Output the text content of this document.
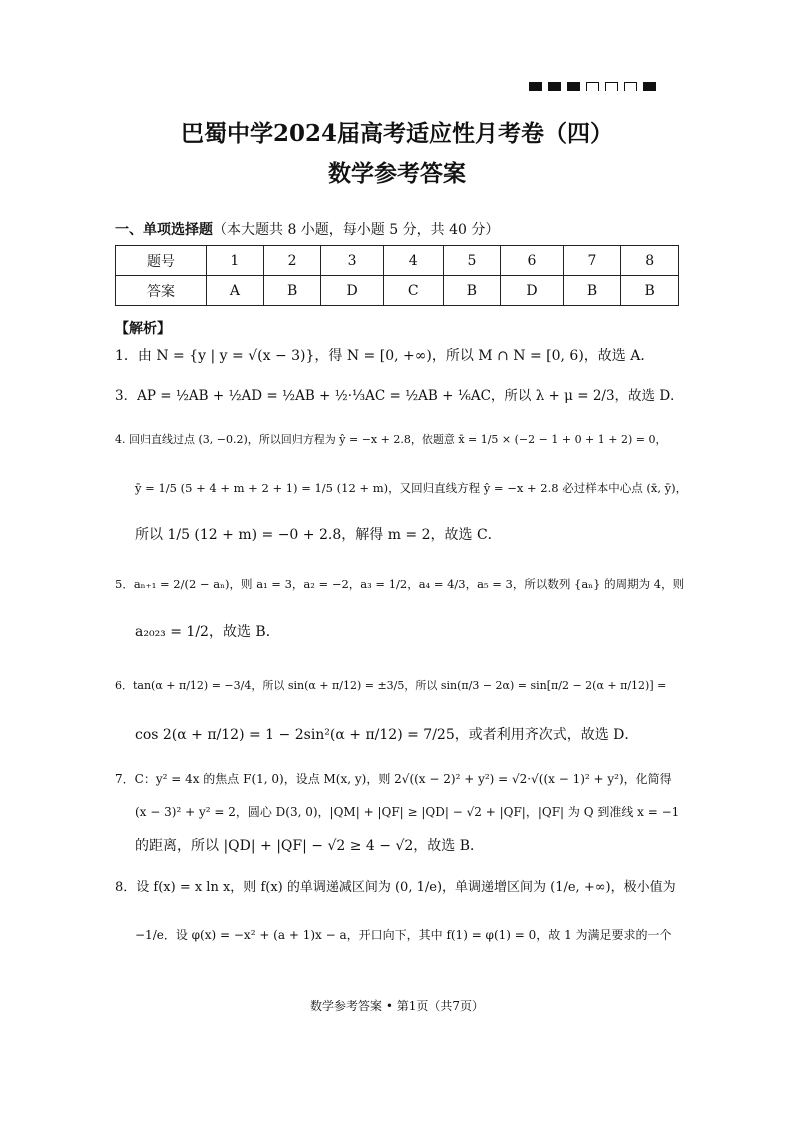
巴蜀中学2024届高考适应性月考卷（四）
数学参考答案
一、单项选择题（本大题共 8 小题，每小题 5 分，共 40 分）
题号	1	2	3	4	5	6	7	8
答案	A	B	D	C	B	D	B	B
【解析】
1．由 N = {y | y = √(x − 3)}，得 N = [0, +∞)，所以 M ∩ N = [0, 6)，故选 A．
3．AP = ½AB + ½AD = ½AB + ½·⅓AC = ½AB + ⅙AC，所以 λ + μ = 2/3，故选 D．
4. 回归直线过点 (3, −0.2)，所以回归方程为 ŷ = −x + 2.8，依题意 x̄ = 1/5 × (−2 − 1 + 0 + 1 + 2) = 0，
ȳ = 1/5 (5 + 4 + m + 2 + 1) = 1/5 (12 + m)，又回归直线方程 ŷ = −x + 2.8 必过样本中心点 (x̄, ȳ)，
所以 1/5 (12 + m) = −0 + 2.8，解得 m = 2，故选 C．
5．aₙ₊₁ = 2/(2 − aₙ)，则 a₁ = 3，a₂ = −2，a₃ = 1/2，a₄ = 4/3，a₅ = 3，所以数列 {aₙ} 的周期为 4，则
a₂₀₂₃ = 1/2，故选 B．
6．tan(α + π/12) = −3/4，所以 sin(α + π/12) = ±3/5，所以 sin(π/3 − 2α) = sin[π/2 − 2(α + π/12)] =
cos 2(α + π/12) = 1 − 2sin²(α + π/12) = 7/25，或者利用齐次式，故选 D．
7．C：y² = 4x 的焦点 F(1, 0)，设点 M(x, y)，则 2√((x − 2)² + y²) = √2·√((x − 1)² + y²)，化简得
(x − 3)² + y² = 2，圆心 D(3, 0)，|QM| + |QF| ≥ |QD| − √2 + |QF|，|QF| 为 Q 到准线 x = −1
的距离，所以 |QD| + |QF| − √2 ≥ 4 − √2，故选 B．
8．设 f(x) = x ln x，则 f(x) 的单调递减区间为 (0, 1/e)，单调递增区间为 (1/e, +∞)，极小值为
−1/e．设 φ(x) = −x² + (a + 1)x − a，开口向下，其中 f(1) = φ(1) = 0，故 1 为满足要求的一个
数学参考答案 • 第1页（共7页）
